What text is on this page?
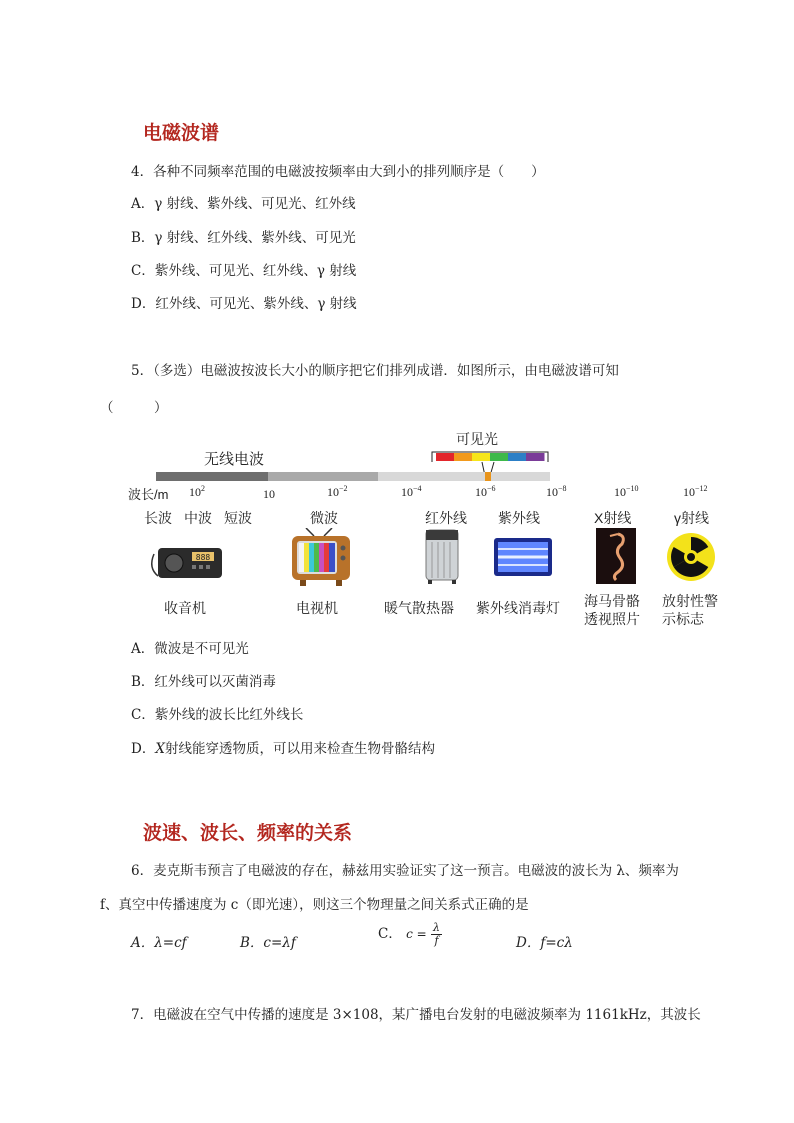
电磁波谱
4．各种不同频率范围的电磁波按频率由大到小的排列顺序是（　　）
A．γ 射线、紫外线、可见光、红外线
B．γ 射线、红外线、紫外线、可见光
C．紫外线、可见光、红外线、γ 射线
D．红外线、可见光、紫外线、γ 射线
5．（多选）电磁波按波长大小的顺序把它们排列成谱．如图所示，由电磁波谱可知
（　　　）
无线电波
可见光
波长/m $10^2$	10	$10^{-2}$	$10^{-4}$	$10^{-6}$	$10^{-8}$	$10^{-10}$	$10^{-12}$
长波 中波 短波	微波	红外线 紫外线	X射线	γ射线
888
收音机	电视机	暖气散热器 紫外线消毒灯 海马骨骼
透视照片
放射性警
示标志
A．微波是不可见光
B．红外线可以灭菌消毒
C．紫外线的波长比红外线长
D．X射线能穿透物质，可以用来检查生物骨骼结构
波速、波长、频率的关系
6．麦克斯韦预言了电磁波的存在，赫兹用实验证实了这一预言。电磁波的波长为 λ、频率为
f、真空中传播速度为 c（即光速），则这三个物理量之间关系式正确的是
A．λ=cf	B．c=λf
C． $c = \frac{\lambda}{f}$	D．f=cλ
7．电磁波在空气中传播的速度是 3×108，某广播电台发射的电磁波频率为 1161kHz，其波长
